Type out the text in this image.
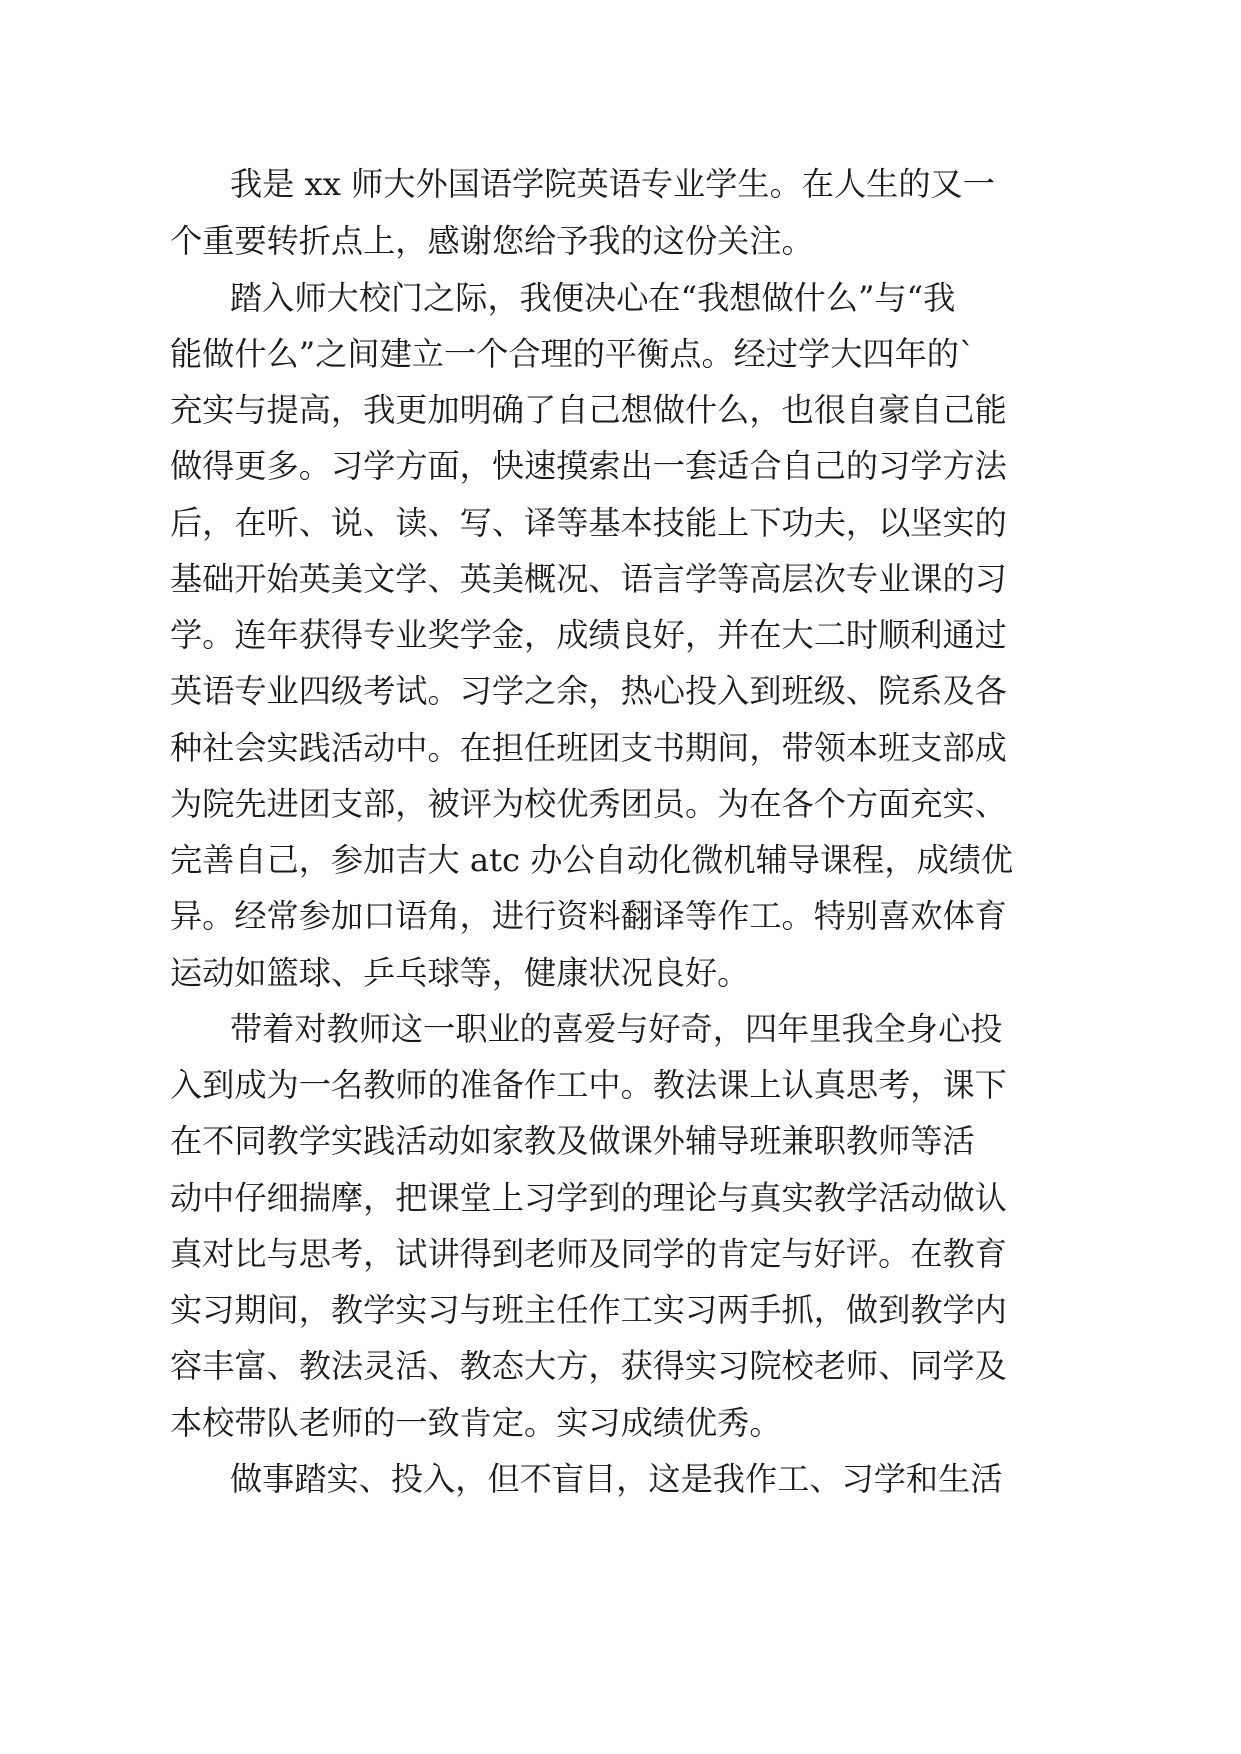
我是 xx 师大外国语学院英语专业学生。在人生的又一
个重要转折点上，感谢您给予我的这份关注。
踏入师大校门之际，我便决心在“我想做什么”与“我
能做什么”之间建立一个合理的平衡点。经过学大四年的`
充实与提高，我更加明确了自己想做什么，也很自豪自己能
做得更多。习学方面，快速摸索出一套适合自己的习学方法
后，在听、说、读、写、译等基本技能上下功夫，以坚实的
基础开始英美文学、英美概况、语言学等高层次专业课的习
学。连年获得专业奖学金，成绩良好，并在大二时顺利通过
英语专业四级考试。习学之余，热心投入到班级、院系及各
种社会实践活动中。在担任班团支书期间，带领本班支部成
为院先进团支部，被评为校优秀团员。为在各个方面充实、
完善自己，参加吉大 atc 办公自动化微机辅导课程，成绩优
异。经常参加口语角，进行资料翻译等作工。特别喜欢体育
运动如篮球、乒乓球等，健康状况良好。
带着对教师这一职业的喜爱与好奇，四年里我全身心投
入到成为一名教师的准备作工中。教法课上认真思考，课下
在不同教学实践活动如家教及做课外辅导班兼职教师等活
动中仔细揣摩，把课堂上习学到的理论与真实教学活动做认
真对比与思考，试讲得到老师及同学的肯定与好评。在教育
实习期间，教学实习与班主任作工实习两手抓，做到教学内
容丰富、教法灵活、教态大方，获得实习院校老师、同学及
本校带队老师的一致肯定。实习成绩优秀。
做事踏实、投入，但不盲目，这是我作工、习学和生活
